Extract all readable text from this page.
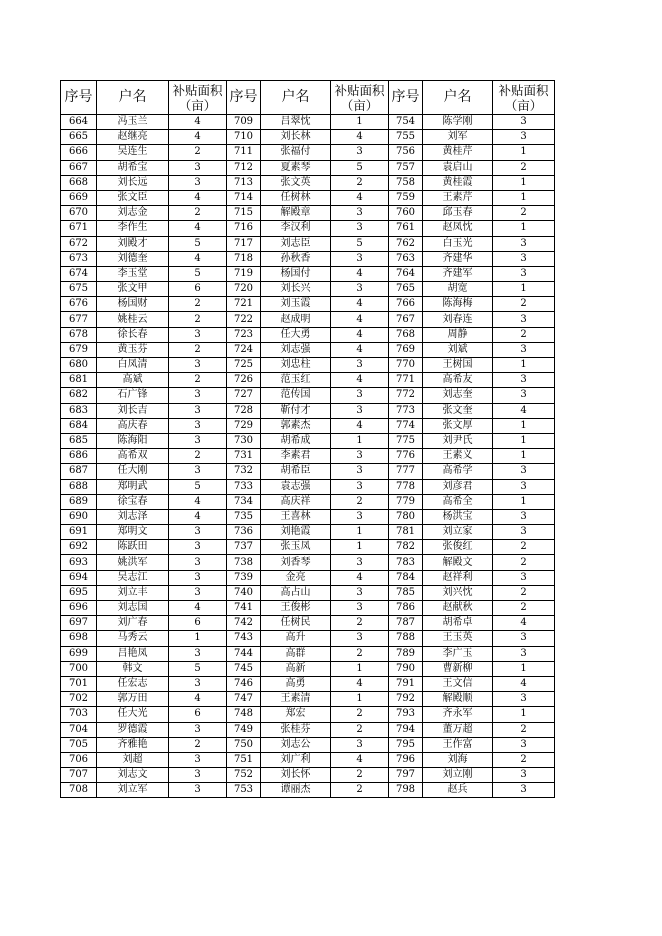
序号	户名	补贴面积（亩）	序号	户名	补贴面积（亩）	序号	户名	补贴面积（亩）
664	冯玉兰	4	709	吕翠忱	1	754	陈学刚	3
665	赵继亮	4	710	刘长林	4	755	刘军	3
666	吴连生	2	711	张福付	3	756	黄桂芹	1
667	胡希宝	3	712	夏素琴	5	757	袁启山	2
668	刘长远	3	713	张文英	2	758	黄桂霞	1
669	张文臣	4	714	任树林	4	759	王素芹	1
670	刘志金	2	715	解殿章	3	760	邱玉春	2
671	李作生	4	716	李汉利	3	761	赵凤忱	1
672	刘殿才	5	717	刘志臣	5	762	白玉光	3
673	刘德奎	4	718	孙秋香	3	763	齐建华	3
674	李玉堂	5	719	杨国付	4	764	齐建军	3
675	张文甲	6	720	刘长兴	3	765	胡宽	1
676	杨国财	2	721	刘玉霞	4	766	陈海梅	2
677	姚桂云	2	722	赵成明	4	767	刘春连	3
678	徐长春	3	723	任大勇	4	768	周静	2
679	黄玉芬	2	724	刘志强	4	769	刘斌	3
680	白凤清	3	725	刘忠柱	3	770	王树国	1
681	高斌	2	726	范玉红	4	771	高希友	3
682	石广锋	3	727	范传国	3	772	刘志奎	3
683	刘长吉	3	728	靳付才	3	773	张文奎	4
684	高庆春	3	729	郭素杰	4	774	张文厚	1
685	陈海阳	3	730	胡希成	1	775	刘尹氏	1
686	高希双	2	731	李素君	3	776	王素义	1
687	任大刚	3	732	胡希臣	3	777	高希学	3
688	郑明武	5	733	袁志强	3	778	刘彦君	3
689	徐宝春	4	734	高庆祥	2	779	高希全	1
690	刘志泽	4	735	王喜林	3	780	杨洪宝	3
691	郑明文	3	736	刘艳霞	1	781	刘立家	3
692	陈跃田	3	737	张玉凤	1	782	张俊红	2
693	姚洪军	3	738	刘香琴	3	783	解殿文	2
694	吴志江	3	739	金亮	4	784	赵祥利	3
695	刘立丰	3	740	高占山	3	785	刘兴忱	2
696	刘志国	4	741	王俊彬	3	786	赵献秋	2
697	刘广春	6	742	任树民	2	787	胡希卓	4
698	马秀云	1	743	高升	3	788	王玉英	3
699	吕艳凤	3	744	高群	2	789	李广玉	3
700	韩文	5	745	高新	1	790	曹新柳	1
701	任宏志	3	746	高勇	4	791	王文信	4
702	郭万田	4	747	王素清	1	792	解殿顺	3
703	任大光	6	748	郑宏	2	793	齐永军	1
704	罗德霞	3	749	张桂芬	2	794	董万超	2
705	齐雅艳	2	750	刘志公	3	795	王作富	3
706	刘超	3	751	刘广利	4	796	刘海	2
707	刘志文	3	752	刘长怀	2	797	刘立刚	3
708	刘立军	3	753	谭丽杰	2	798	赵兵	3
